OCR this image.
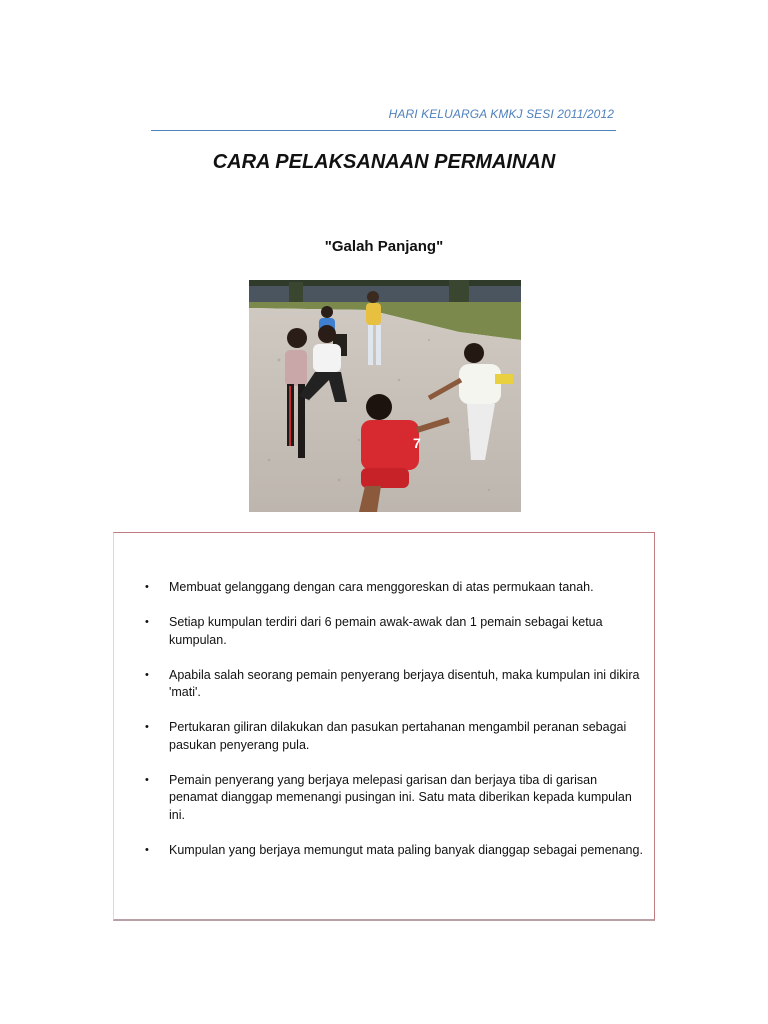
HARI KELUARGA KMKJ SESI 2011/2012
CARA PELAKSANAAN PERMAINAN
"Galah Panjang"
7
• Membuat gelanggang dengan cara menggoreskan di atas permukaan tanah.
• Setiap kumpulan terdiri dari 6 pemain awak-awak dan 1 pemain sebagai ketua kumpulan.
• Apabila salah seorang pemain penyerang berjaya disentuh, maka kumpulan ini dikira 'mati'.
• Pertukaran giliran dilakukan dan pasukan pertahanan mengambil peranan sebagai pasukan penyerang pula.
• Pemain penyerang yang berjaya melepasi garisan dan berjaya tiba di garisan penamat dianggap memenangi pusingan ini. Satu mata diberikan kepada kumpulan ini.
• Kumpulan yang berjaya memungut mata paling banyak dianggap sebagai pemenang.
